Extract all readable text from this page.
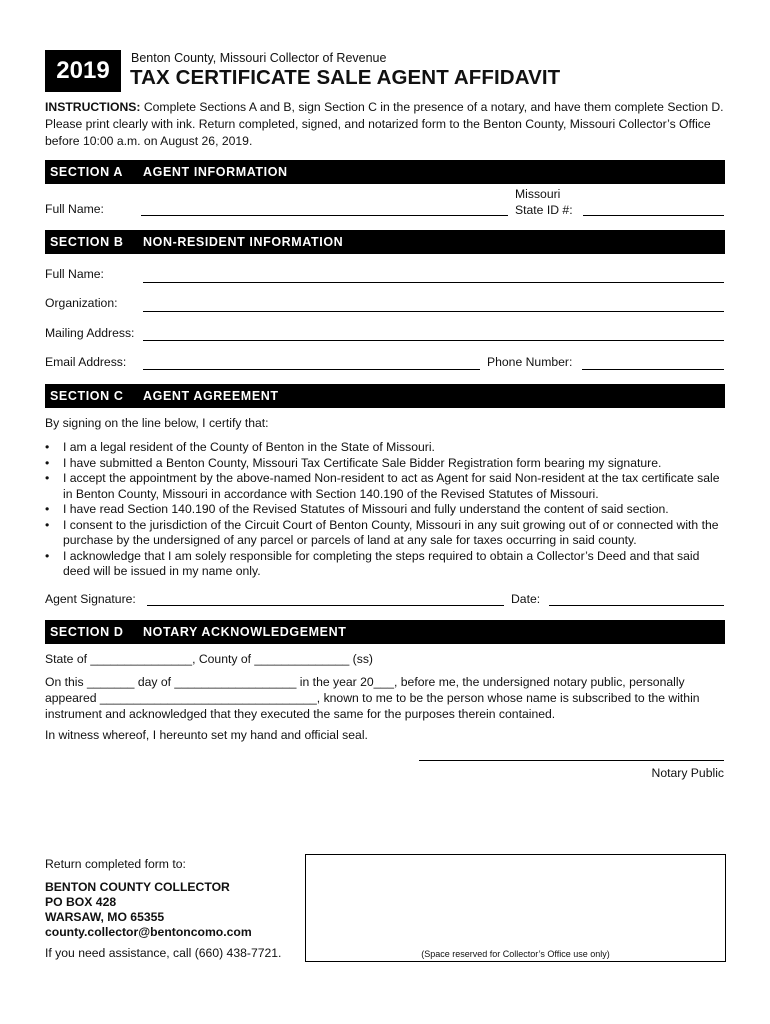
2019 Benton County, Missouri Collector of Revenue
TAX CERTIFICATE SALE AGENT AFFIDAVIT
INSTRUCTIONS: Complete Sections A and B, sign Section C in the presence of a notary, and have them complete Section D. Please print clearly with ink. Return completed, signed, and notarized form to the Benton County, Missouri Collector’s Office before 10:00 a.m. on August 26, 2019.
SECTION A AGENT INFORMATION
Full Name:
Missouri
State ID #:
SECTION B NON-RESIDENT INFORMATION
Full Name:
Organization:
Mailing Address:
Email Address:	Phone Number:
SECTION C AGENT AGREEMENT
By signing on the line below, I certify that:
• I am a legal resident of the County of Benton in the State of Missouri.
• I have submitted a Benton County, Missouri Tax Certificate Sale Bidder Registration form bearing my signature.
• I accept the appointment by the above-named Non-resident to act as Agent for said Non-resident at the tax certificate sale in Benton County, Missouri in accordance with Section 140.190 of the Revised Statutes of Missouri.
• I have read Section 140.190 of the Revised Statutes of Missouri and fully understand the content of said section.
• I consent to the jurisdiction of the Circuit Court of Benton County, Missouri in any suit growing out of or connected with the purchase by the undersigned of any parcel or parcels of land at any sale for taxes occurring in said county.
• I acknowledge that I am solely responsible for completing the steps required to obtain a Collector’s Deed and that said deed will be issued in my name only.
Agent Signature:	Date:
SECTION D NOTARY ACKNOWLEDGEMENT
State of _______________, County of ______________ (ss)
On this _______ day of __________________ in the year 20___, before me, the undersigned notary public, personally
appeared ________________________________, known to me to be the person whose name is subscribed to the within
instrument and acknowledged that they executed the same for the purposes therein contained.
In witness whereof, I hereunto set my hand and official seal.
Notary Public
Return completed form to:
BENTON COUNTY COLLECTOR
PO BOX 428
WARSAW, MO 65355
county.collector@bentoncomo.com
If you need assistance, call (660) 438-7721.	(Space reserved for Collector’s Office use only)
